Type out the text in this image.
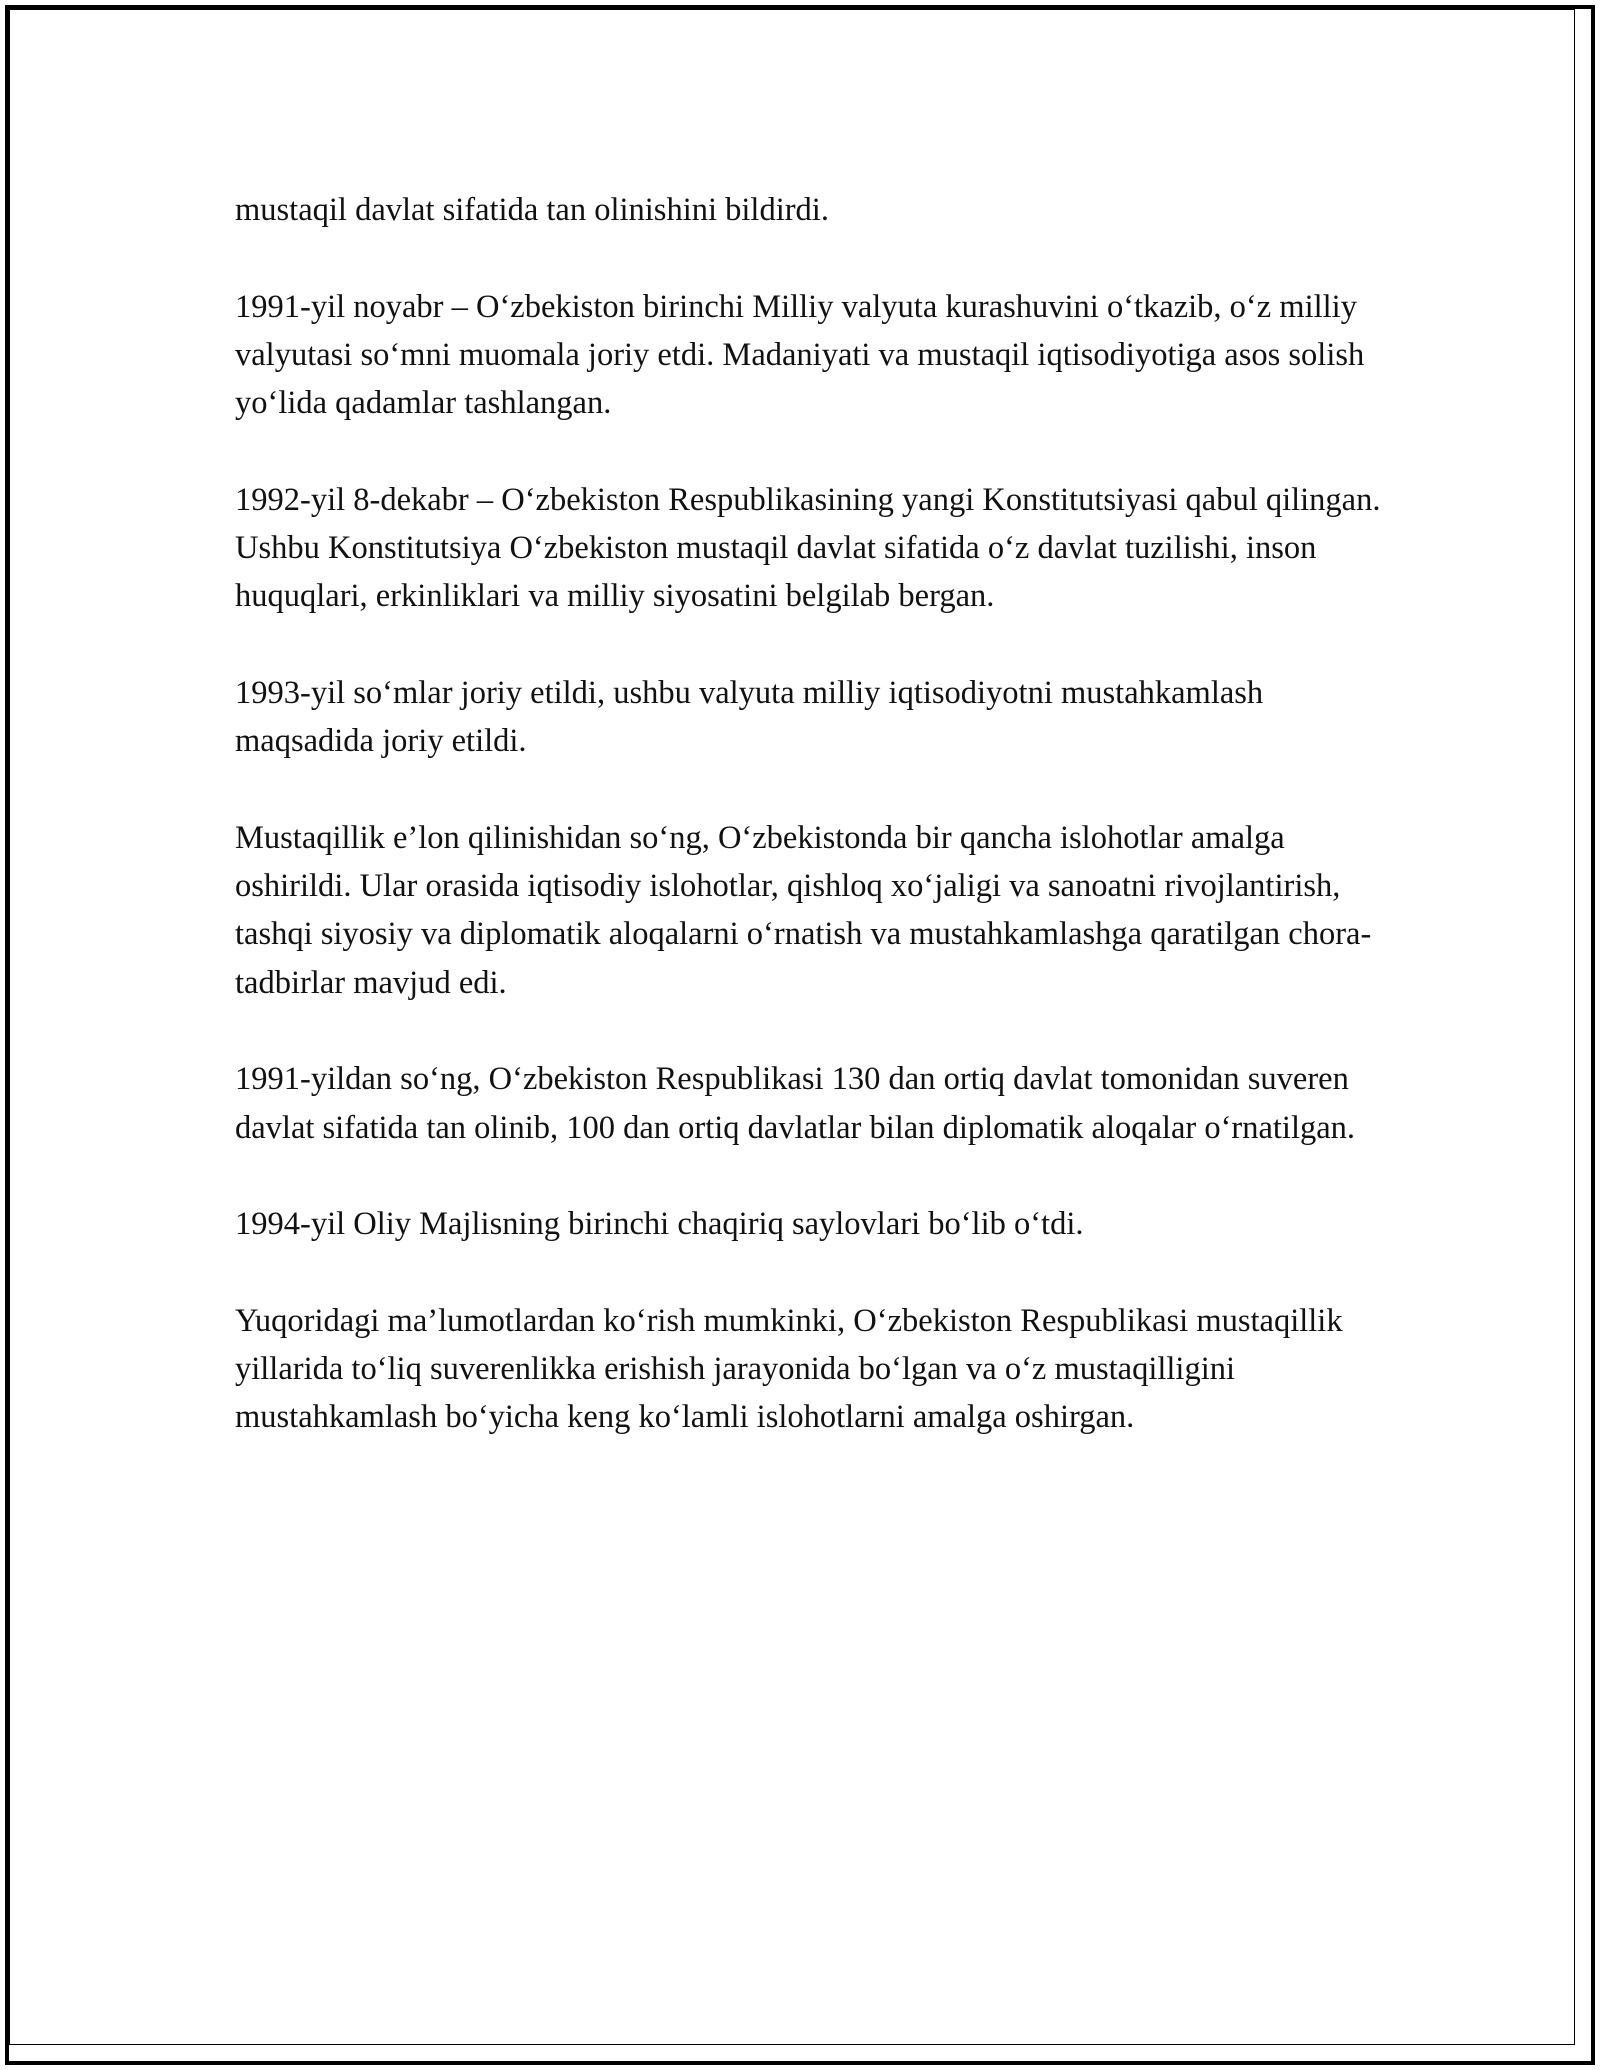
mustaqil davlat sifatida tan olinishini bildirdi.

1991-yil noyabr – O‘zbekiston birinchi Milliy valyuta kurashuvini o‘tkazib, o‘z milliy valyutasi so‘mni muomala joriy etdi. Madaniyati va mustaqil iqtisodiyotiga asos solish yo‘lida qadamlar tashlangan.

1992-yil 8-dekabr – O‘zbekiston Respublikasining yangi Konstitutsiyasi qabul qilingan. Ushbu Konstitutsiya O‘zbekiston mustaqil davlat sifatida o‘z davlat tuzilishi, inson huquqlari, erkinliklari va milliy siyosatini belgilab bergan.

1993-yil so‘mlar joriy etildi, ushbu valyuta milliy iqtisodiyotni mustahkamlash maqsadida joriy etildi.

Mustaqillik e’lon qilinishidan so‘ng, O‘zbekistonda bir qancha islohotlar amalga oshirildi. Ular orasida iqtisodiy islohotlar, qishloq xo‘jaligi va sanoatni rivojlantirish, tashqi siyosiy va diplomatik aloqalarni o‘rnatish va mustahkamlashga qaratilgan chora-tadbirlar mavjud edi.

1991-yildan so‘ng, O‘zbekiston Respublikasi 130 dan ortiq davlat tomonidan suveren davlat sifatida tan olinib, 100 dan ortiq davlatlar bilan diplomatik aloqalar o‘rnatilgan.

1994-yil Oliy Majlisning birinchi chaqiriq saylovlari bo‘lib o‘tdi.

Yuqoridagi ma’lumotlardan ko‘rish mumkinki, O‘zbekiston Respublikasi mustaqillik yillarida to‘liq suverenlikka erishish jarayonida bo‘lgan va o‘z mustaqilligini mustahkamlash bo‘yicha keng ko‘lamli islohotlarni amalga oshirgan.
